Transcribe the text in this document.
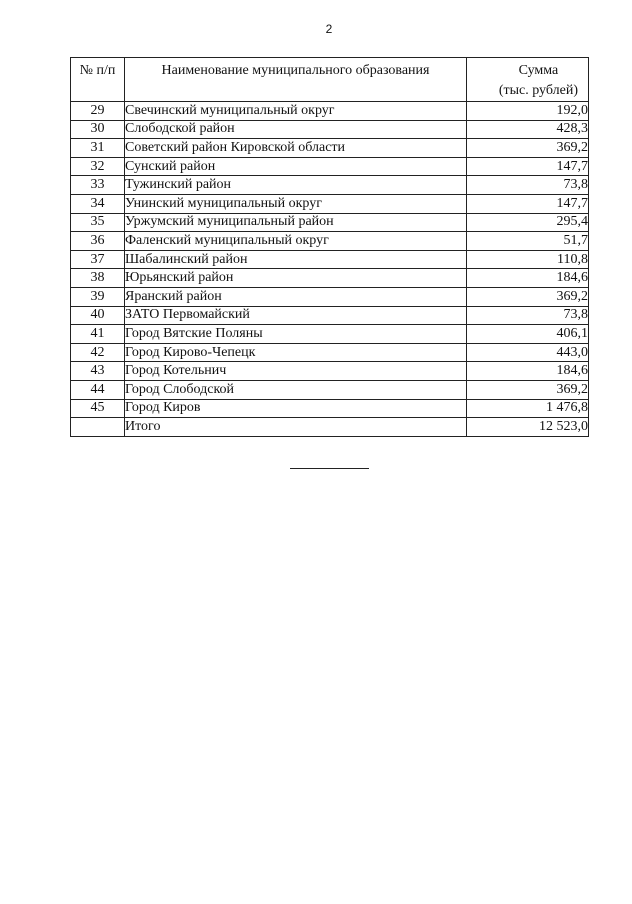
2
№ п/п	Наименование муниципального образования	Сумма
(тыс. рублей)
29	Свечинский муниципальный округ	192,0
30	Слободской район	428,3
31	Советский район Кировской области	369,2
32	Сунский район	147,7
33	Тужинский район	73,8
34	Унинский муниципальный округ	147,7
35	Уржумский муниципальный район	295,4
36	Фаленский муниципальный округ	51,7
37	Шабалинский район	110,8
38	Юрьянский район	184,6
39	Яранский район	369,2
40	ЗАТО Первомайский	73,8
41	Город Вятские Поляны	406,1
42	Город Кирово-Чепецк	443,0
43	Город Котельнич	184,6
44	Город Слободской	369,2
45	Город Киров	1 476,8
	Итого	12 523,0
